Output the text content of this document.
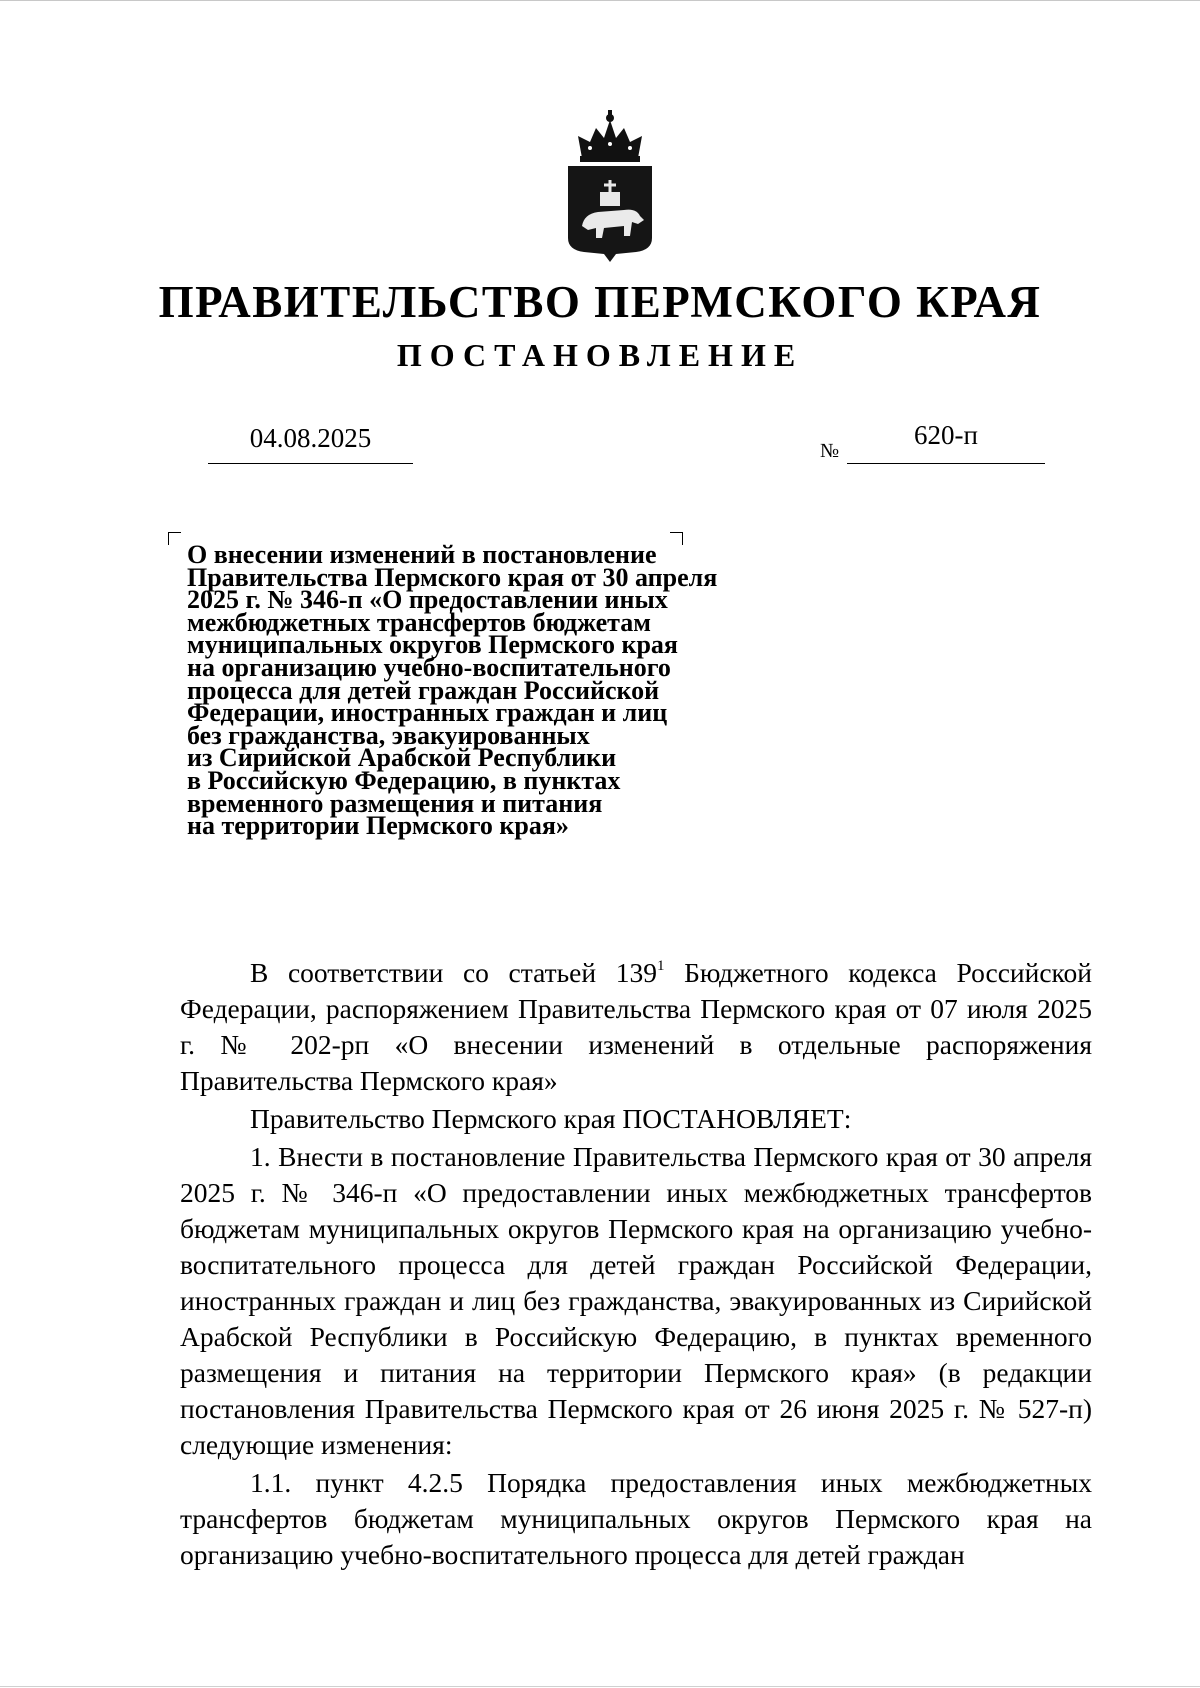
ПРАВИТЕЛЬСТВО ПЕРМСКОГО КРАЯ
ПОСТАНОВЛЕНИЕ
04.08.2025	№
620-п
О внесении изменений в постановление
Правительства Пермского края от 30 апреля
2025 г. № 346-п «О предоставлении иных
межбюджетных трансфертов бюджетам
муниципальных округов Пермского края
на организацию учебно-воспитательного
процесса для детей граждан Российской
Федерации, иностранных граждан и лиц
без гражданства, эвакуированных
из Сирийской Арабской Республики
в Российскую Федерацию, в пунктах
временного размещения и питания
на территории Пермского края»

В соответствии со статьей $139^1$ Бюджетного кодекса Российской Федерации, распоряжением Правительства Пермского края от 07 июля 2025 г. № 202-рп «О внесении изменений в отдельные распоряжения Правительства Пермского края»

Правительство Пермского края ПОСТАНОВЛЯЕТ:

1. Внести в постановление Правительства Пермского края от 30 апреля 2025 г. № 346-п «О предоставлении иных межбюджетных трансфертов бюджетам муниципальных округов Пермского края на организацию учебно-воспитательного процесса для детей граждан Российской Федерации, иностранных граждан и лиц без гражданства, эвакуированных из Сирийской Арабской Республики в Российскую Федерацию, в пунктах временного размещения и питания на территории Пермского края» (в редакции постановления Правительства Пермского края от 26 июня 2025 г. № 527-п) следующие изменения:

1.1. пункт 4.2.5 Порядка предоставления иных межбюджетных трансфертов бюджетам муниципальных округов Пермского края на организацию учебно-воспитательного процесса для детей граждан
